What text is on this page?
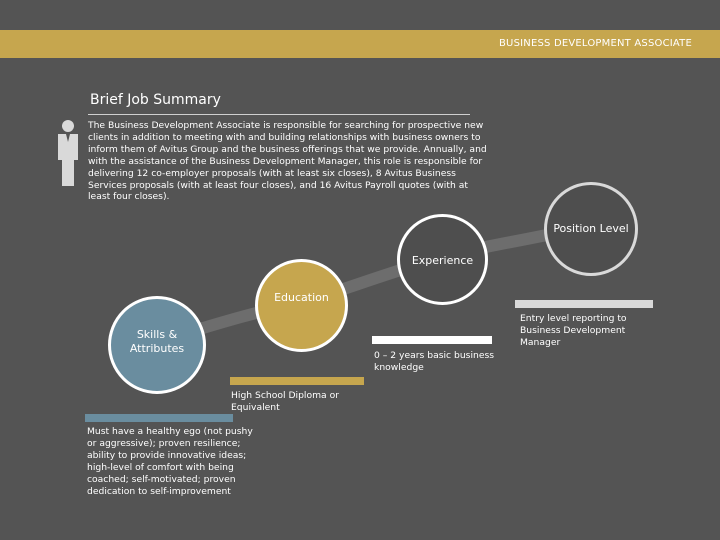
BUSINESS DEVELOPMENT ASSOCIATE
Brief Job Summary
The Business Development Associate is responsible for searching for prospective new clients in addition to meeting with and building relationships with business owners to inform them of Avitus Group and the business offerings that we provide. Annually, and with the assistance of the Business Development Manager, this role is responsible for delivering 12 co-employer proposals (with at least six closes), 8 Avitus Business Services proposals (with at least four closes), and 16 Avitus Payroll quotes (with at least four closes).
Position Level
Experience
Education
Skills & Attributes
Entry level reporting to Business Development Manager
0 – 2 years basic business knowledge
High School Diploma or Equivalent
Must have a healthy ego (not pushy or aggressive); proven resilience; ability to provide innovative ideas; high-level of comfort with being coached; self-motivated; proven dedication to self-improvement
